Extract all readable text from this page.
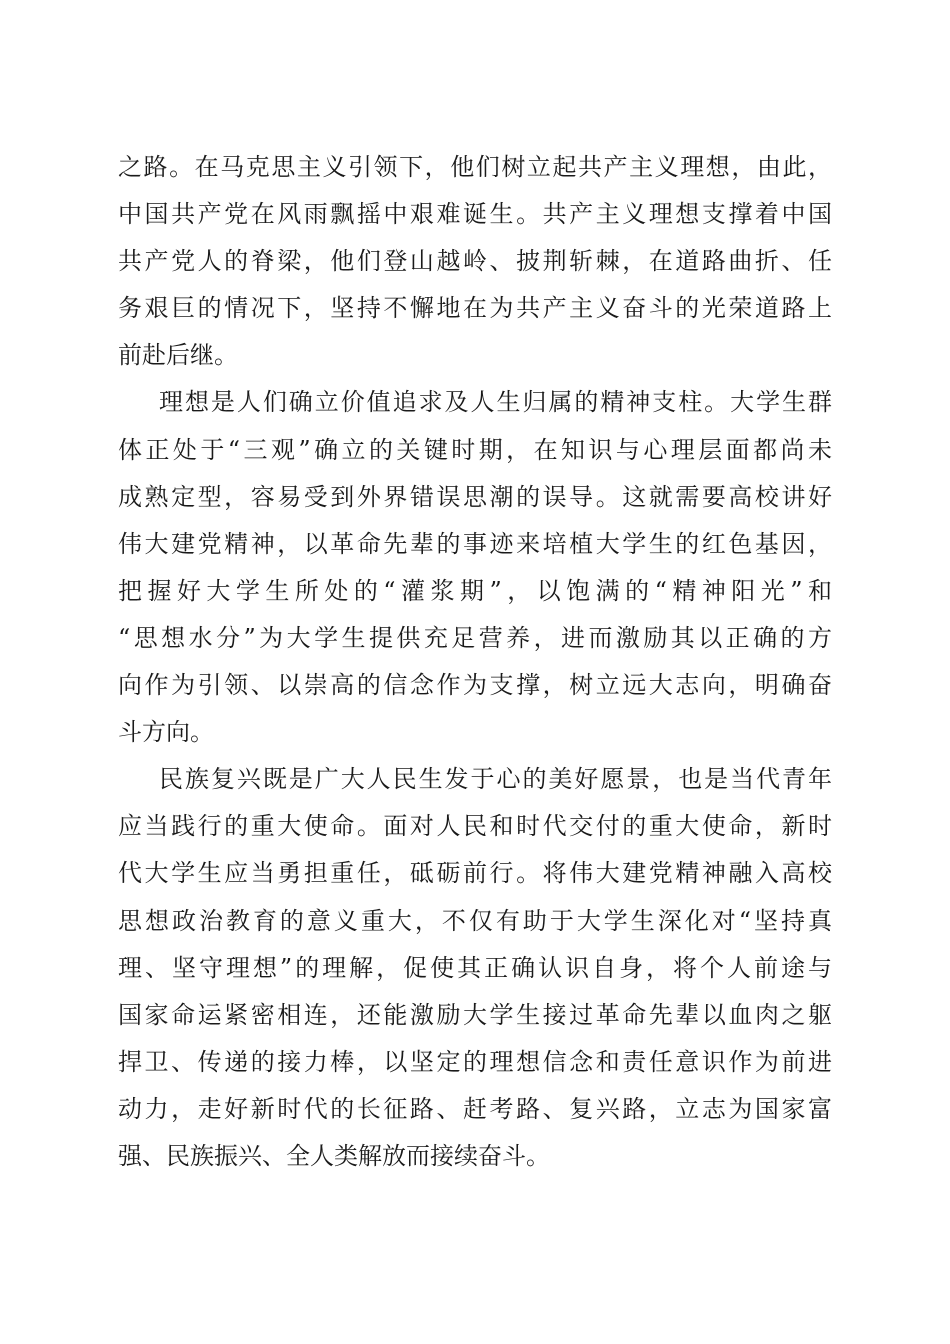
之路。在马克思主义引领下，他们树立起共产主义理想，由此，
中国共产党在风雨飘摇中艰难诞生。共产主义理想支撑着中国
共产党人的脊梁，他们登山越岭、披荆斩棘，在道路曲折、任
务艰巨的情况下，坚持不懈地在为共产主义奋斗的光荣道路上
前赴后继。
理想是人们确立价值追求及人生归属的精神支柱。大学生群
体正处于“三观”确立的关键时期，在知识与心理层面都尚未
成熟定型，容易受到外界错误思潮的误导。这就需要高校讲好
伟大建党精神，以革命先辈的事迹来培植大学生的红色基因，
把握好大学生所处的“灌浆期”，以饱满的“精神阳光”和
“思想水分”为大学生提供充足营养，进而激励其以正确的方
向作为引领、以崇高的信念作为支撑，树立远大志向，明确奋
斗方向。
民族复兴既是广大人民生发于心的美好愿景，也是当代青年
应当践行的重大使命。面对人民和时代交付的重大使命，新时
代大学生应当勇担重任，砥砺前行。将伟大建党精神融入高校
思想政治教育的意义重大，不仅有助于大学生深化对“坚持真
理、坚守理想”的理解，促使其正确认识自身，将个人前途与
国家命运紧密相连，还能激励大学生接过革命先辈以血肉之躯
捍卫、传递的接力棒，以坚定的理想信念和责任意识作为前进
动力，走好新时代的长征路、赶考路、复兴路，立志为国家富
强、民族振兴、全人类解放而接续奋斗。
